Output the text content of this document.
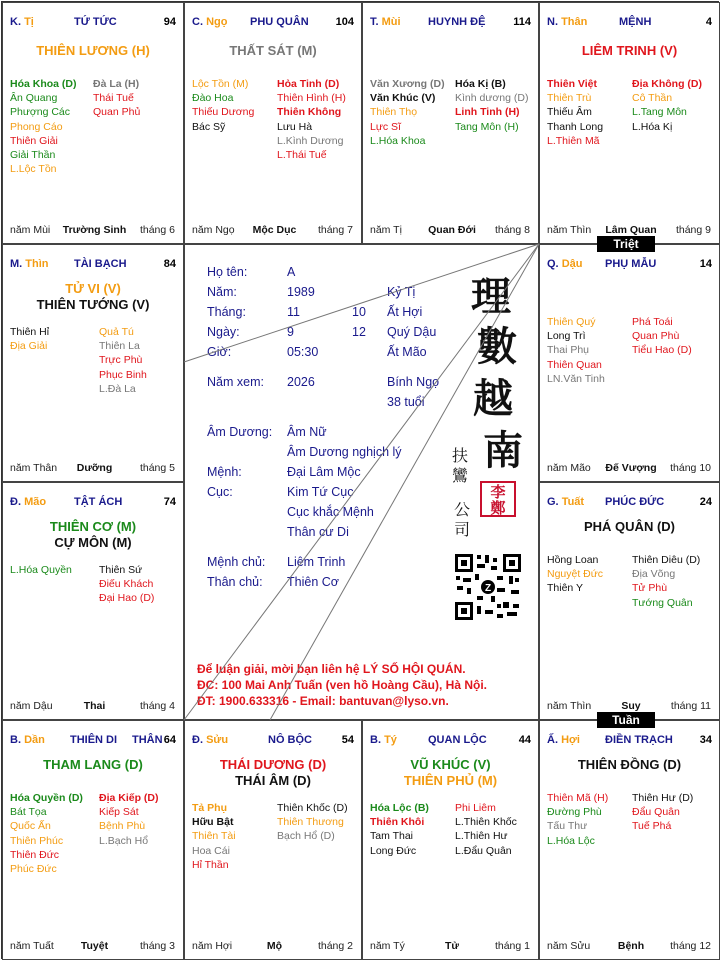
K. Tị	TỨ TỨC	94
THIÊN LƯƠNG (H)
Hóa Khoa (D)
Ân Quang
Phượng Các
Phong Cáo
Thiên Giải
Giải Thần
L.Lộc Tồn
Đà La (H)
Thái Tuế
Quan Phủ
năm Mùi	Trường Sinh	tháng 6
C. Ngọ PHU QUÂN 104
THẤT SÁT (M)
Lộc Tồn (M)
Đào Hoa
Thiếu Dương
Bác Sỹ
Hỏa Tinh (D)
Thiên Hình (H)
Thiên Không
Lưu Hà
L.Kình Dương
L.Thái Tuế
năm Ngọ	Mộc Dục	tháng 7
T. Mùi HUYNH ĐỆ	114
Văn Xương (D)
Văn Khúc (V)
Thiên Thọ
Lực Sĩ
L.Hóa Khoa
Hóa Kị (B)
Kình dương (D)
Linh Tinh (H)
Tang Môn (H)
năm Tị	Quan Đới	tháng 8
N. Thân	MỆNH	4
LIÊM TRINH (V)
Thiên Việt
Thiên Trù
Thiếu Âm
Thanh Long
L.Thiên Mã
Địa Không (D)
Cô Thần
L.Tang Môn
L.Hóa Kị
năm Thìn	Lâm Quan	tháng 9
M. Thìn TÀI BẠCH	84
TỬ VI (V)
THIÊN TƯỚNG (V)
Thiên Hỉ
Địa Giải
Quả Tú
Thiên La
Trực Phù
Phục Binh
L.Đà La
năm Thân	Dưỡng	tháng 5
Q. Dậu PHỤ MẪU	14
Thiên Quý
Long Trì
Thai Phụ
Thiên Quan
LN.Văn Tinh
Phá Toái
Quan Phù
Tiểu Hao (D)
năm Mão	Đế Vượng	tháng 10
Đ. Mão	TẬT ÁCH	74
THIÊN CƠ (M)
CỰ MÔN (M)
L.Hóa Quyền	Thiên Sứ
Điếu Khách
Đại Hao (D)
năm Dậu	Thai	tháng 4
G. Tuất PHÚC ĐỨC	24
PHÁ QUÂN (D)
Hồng Loan
Nguyệt Đức
Thiên Y
Thiên Diêu (D)
Địa Võng
Tử Phù
Tướng Quân
năm Thìn	Suy	tháng 11
B. Dần THIÊN DI THÂN 64
THAM LANG (D)
Hóa Quyền (D)
Bát Tọa
Quốc Ấn
Thiên Phúc
Thiên Đức
Phúc Đức
Địa Kiếp (D)
Kiếp Sát
Bệnh Phù
L.Bạch Hổ
năm Tuất	Tuyệt	tháng 3
Đ. Sửu	NÔ BỘC	54
THÁI DƯƠNG (D)
THÁI ÂM (D)
Tả Phụ
Hữu Bật
Thiên Tài
Hoa Cái
Hỉ Thần
Thiên Khốc (D)
Thiên Thương
Bạch Hổ (D)
năm Hợi	Mộ	tháng 2
B. Tý	QUAN LỘC	44
VŨ KHÚC (V)
THIÊN PHỦ (M)
Hóa Lộc (B)
Thiên Khôi
Tam Thai
Long Đức
Phi Liêm
L.Thiên Khốc
L.Thiên Hư
L.Đẩu Quân
năm Tý	Tử	tháng 1
Ấ. Hợi ĐIỀN TRẠCH 34
THIÊN ĐỒNG (D)
Thiên Mã (H)
Đường Phù
Tấu Thư
L.Hóa Lộc
Thiên Hư (D)
Đẩu Quân
Tuế Phá
năm Sửu	Bệnh	tháng 12
Họ tên:	A
Năm:	1989	Kỷ Tị
Tháng:	11	10 Ất Hợi
Ngày:	9	12 Quý Dậu
Giờ:	05:30	Ất Mão
Năm xem: 2026	Bính Ngọ
38 tuổi
Âm Dương: Âm Nữ
Âm Dương nghịch lý
Mệnh:	Đại Lâm Mộc
Cục:	Kim Tứ Cục
Cục khắc Mệnh
Thân cư Di
Mệnh chủ: Liêm Trinh
Thân chủ: Thiên Cơ
理
數
越
南
扶
鸞
公
司
李 鄭
Z
Để luận giải, mời bạn liên hệ LÝ SỐ HỘI QUÁN.
ĐC: 100 Mai Anh Tuấn (ven hồ Hoàng Cầu), Hà Nội.
ĐT: 1900.633316 - Email: bantuvan@lyso.vn.
Triệt
Tuần
